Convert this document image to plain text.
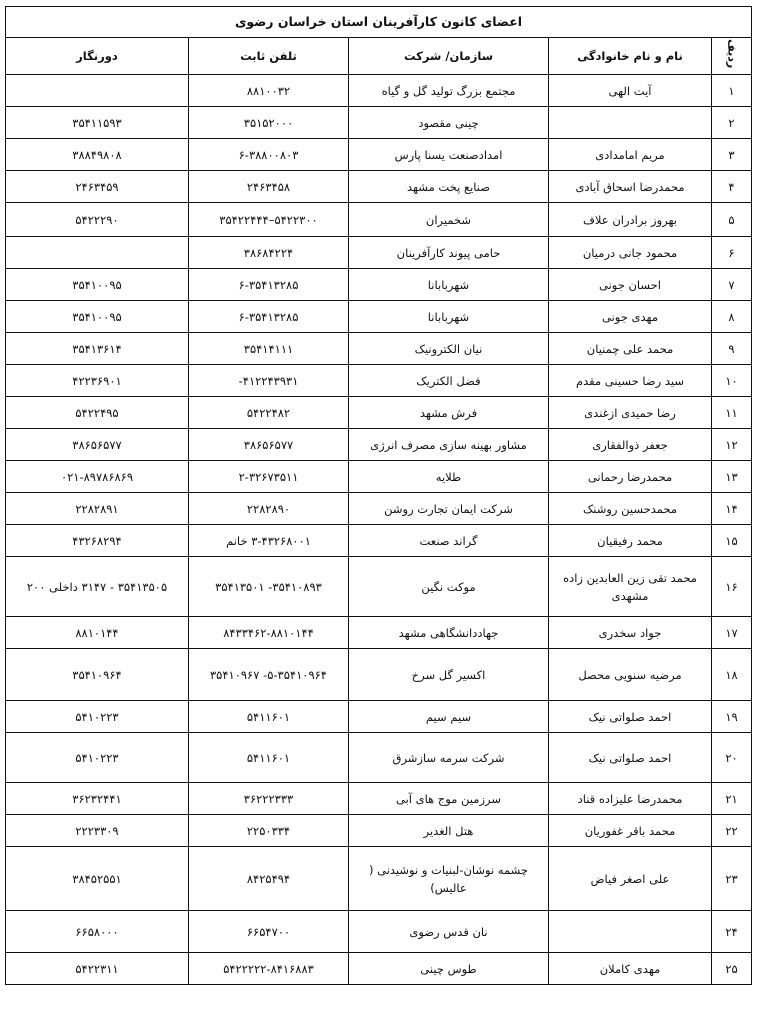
اعضای کانون کارآفرینان استان خراسان رضوی				
ردیف	نام و نام خانوادگی	سازمان/ شرکت	تلفن ثابت	دورنگار
۱	آیت الهی	مجتمع بزرگ تولید گل و گیاه	۸۸۱۰۰۳۲	
۲		چینی مقصود	۳۵۱۵۲۰۰۰	۳۵۴۱۱۵۹۳
۳	مریم امامدادی	امدادصنعت یسنا پارس	۶-۳۸۸۰۰۸۰۳	۳۸۸۴۹۸۰۸
۴	محمدرضا اسحاق آبادی	صنایع پخت مشهد	۲۴۶۳۴۵۸	۲۴۶۳۴۵۹
۵	بهروز برادران علاف	شخمیران	۵۴۲۲۳۰۰–۳۵۴۲۲۴۴۴	۵۴۲۲۲۹۰
۶	محمود جانی درمیان	حامی پیوند کارآفرینان	۳۸۶۸۴۲۲۴	
۷	احسان جونی	شهربابانا	۶-۳۵۴۱۳۲۸۵	۳۵۴۱۰۰۹۵
۸	مهدی جونی	شهربابانا	۶-۳۵۴۱۳۲۸۵	۳۵۴۱۰۰۹۵
۹	محمد علی چمنیان	نیان الکترونیک	۳۵۴۱۴۱۱۱	۳۵۴۱۳۶۱۴
۱۰	سید رضا حسینی مقدم	فضل الکتریک	۴۱۲۲۴۳۹۳۱-	۴۲۲۳۶۹۰۱
۱۱	رضا حمیدی ازغندی	فرش مشهد	۵۴۲۲۴۸۲	۵۴۲۲۴۹۵
۱۲	جعفر ذوالفقاری	مشاور بهینه سازی مصرف انرژی	۳۸۶۵۶۵۷۷	۳۸۶۵۶۵۷۷
۱۳	محمدرضا رحمانی	طلایه	۲-۳۲۶۷۳۵۱۱	۰۲۱-۸۹۷۸۶۸۶۹
۱۴	محمدحسین روشنک	شرکت ایمان تجارت روشن	۲۲۸۲۸۹۰	۲۲۸۲۸۹۱
۱۵	محمد رفیقیان	گراند صنعت	۳-۴۳۲۶۸۰۰۱ خانم	۴۳۲۶۸۲۹۴
۱۶	محمد تقی زین العابدین زاده مشهدی	موکت نگین	۳۵۴۱۰۸۹۳- ۳۵۴۱۳۵۰۱	۳۵۴۱۳۵۰۵ - ۳۱۴۷ داخلی ۲۰۰
۱۷	جواد سخدری	جهاددانشگاهی مشهد	۸۴۳۳۴۶۲-۸۸۱۰۱۴۴	۸۸۱۰۱۴۴
۱۸	مرضیه سنویی محصل	اکسیر گل سرخ	۵-۳۵۴۱۰۹۶۴- ۳۵۴۱۰۹۶۷	۳۵۴۱۰۹۶۴
۱۹	احمد صلواتی نیک	سیم سیم	۵۴۱۱۶۰۱	۵۴۱۰۲۲۳
۲۰	احمد صلواتی نیک	شرکت سرمه سازشرق	۵۴۱۱۶۰۱	۵۴۱۰۲۲۳
۲۱	محمدرضا علیزاده قناد	سرزمین موج های آبی	۳۶۲۲۲۳۳۳	۳۶۲۳۲۴۴۱
۲۲	محمد باقر غفوریان	هتل الغدیر	۲۲۵۰۳۳۴	۲۲۲۳۳۰۹
۲۳	علی اصغر فیاض	چشمه نوشان-لبنیات و نوشیدنی ( عالیس)	۸۴۲۵۴۹۴	۳۸۴۵۲۵۵۱
۲۴		نان قدس رضوی	۶۶۵۴۷۰۰	۶۶۵۸۰۰۰
۲۵	مهدی کاملان	طوس چینی	۵۴۲۲۲۲۲-۸۴۱۶۸۸۳	۵۴۲۲۳۱۱
